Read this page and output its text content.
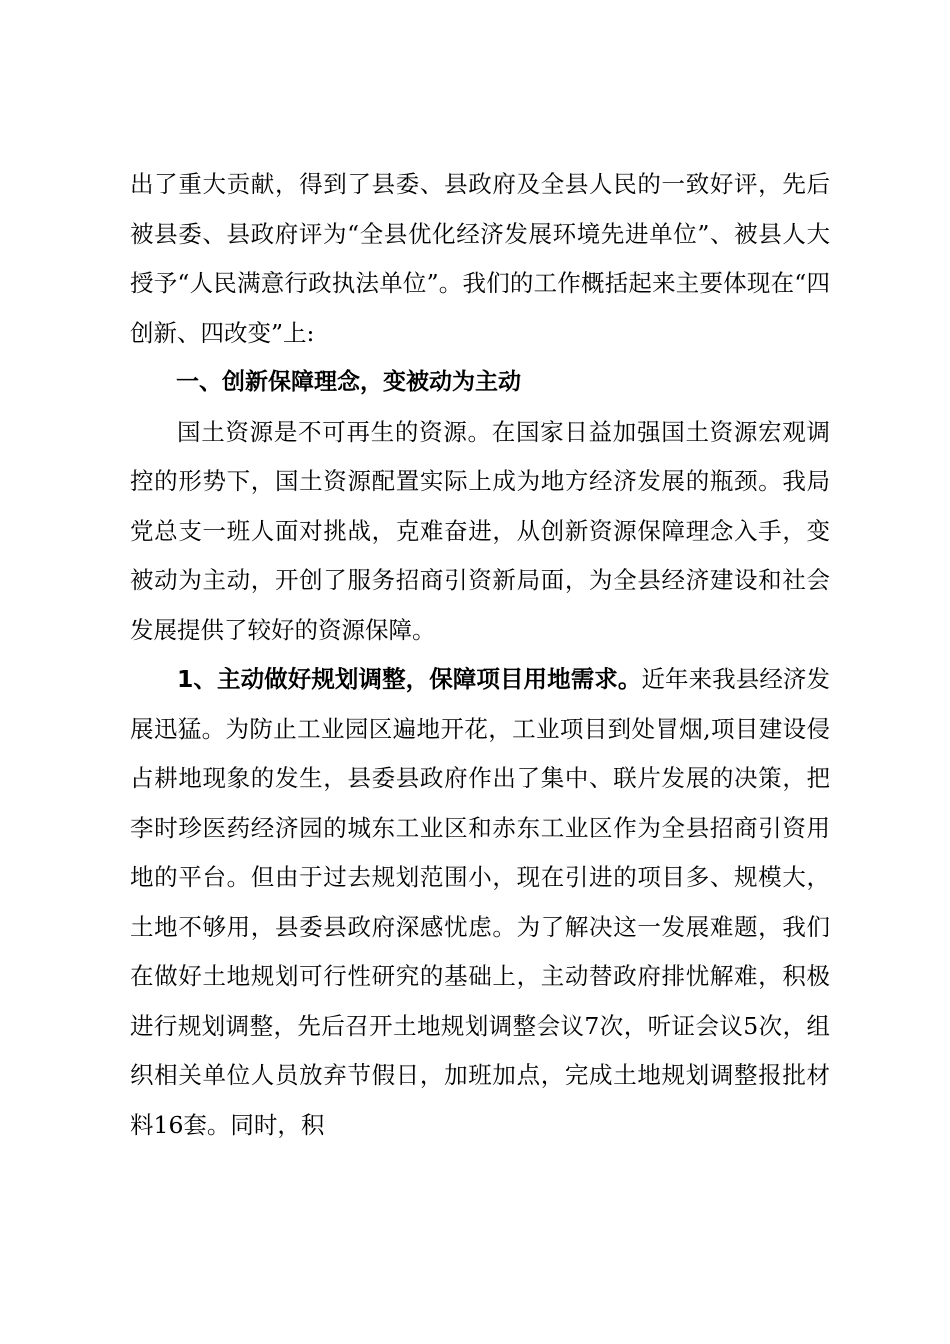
出了重大贡献，得到了县委、县政府及全县人民的一致好评，先后被县委、县政府评为“全县优化经济发展环境先进单位”、被县人大授予“人民满意行政执法单位”。我们的工作概括起来主要体现在“四创新、四改变”上:

一、创新保障理念，变被动为主动

国土资源是不可再生的资源。在国家日益加强国土资源宏观调控的形势下，国土资源配置实际上成为地方经济发展的瓶颈。我局党总支一班人面对挑战，克难奋进，从创新资源保障理念入手，变被动为主动，开创了服务招商引资新局面，为全县经济建设和社会发展提供了较好的资源保障。

1、主动做好规划调整，保障项目用地需求。近年来我县经济发展迅猛。为防止工业园区遍地开花，工业项目到处冒烟,项目建设侵占耕地现象的发生，县委县政府作出了集中、联片发展的决策，把李时珍医药经济园的城东工业区和赤东工业区作为全县招商引资用地的平台。但由于过去规划范围小，现在引进的项目多、规模大，土地不够用，县委县政府深感忧虑。为了解决这一发展难题，我们在做好土地规划可行性研究的基础上，主动替政府排忧解难，积极进行规划调整，先后召开土地规划调整会议7次，听证会议5次，组织相关单位人员放弃节假日，加班加点，完成土地规划调整报批材料16套。同时，积
